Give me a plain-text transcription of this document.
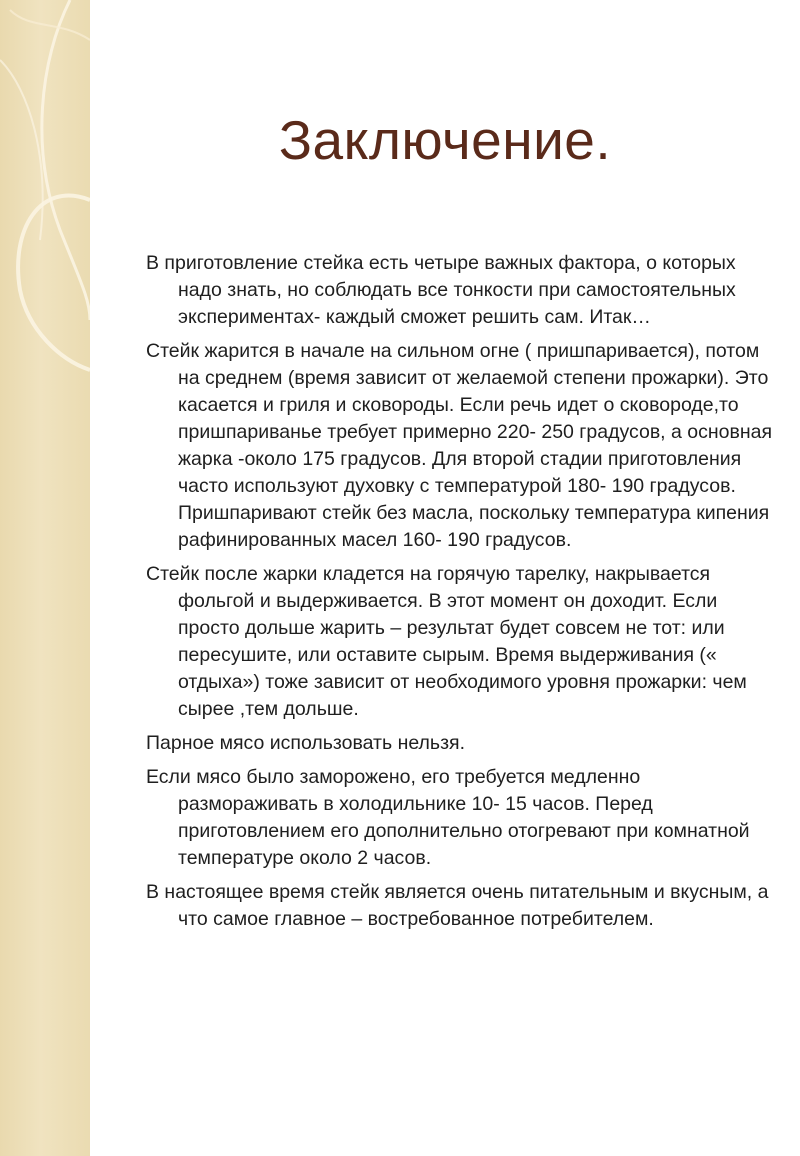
Заключение.

В приготовление стейка есть четыре важных фактора, о которых надо знать, но соблюдать все тонкости при самостоятельных экспериментах- каждый сможет решить сам. Итак…

Стейк жарится в начале на сильном огне ( пришпаривается), потом на среднем (время зависит от желаемой степени прожарки). Это касается и гриля и сковороды. Если речь идет о сковороде,то пришпариванье требует примерно 220- 250 градусов, а основная жарка -около 175 градусов. Для второй стадии приготовления часто используют духовку с температурой 180- 190 градусов. Пришпаривают стейк без масла, поскольку температура кипения рафинированных масел 160- 190 градусов.

Стейк после жарки кладется на горячую тарелку, накрывается фольгой и выдерживается. В этот момент он доходит. Если просто дольше жарить – результат будет совсем не тот: или пересушите, или оставите сырым. Время выдерживания (« отдыха») тоже зависит от необходимого уровня прожарки: чем сырее ,тем дольше.

Парное мясо использовать нельзя.

Если мясо было заморожено, его требуется медленно размораживать в холодильнике 10- 15 часов. Перед приготовлением его дополнительно отогревают при комнатной температуре около 2 часов.

В настоящее время стейк является очень питательным и вкусным, а что самое главное – востребованное потребителем.
